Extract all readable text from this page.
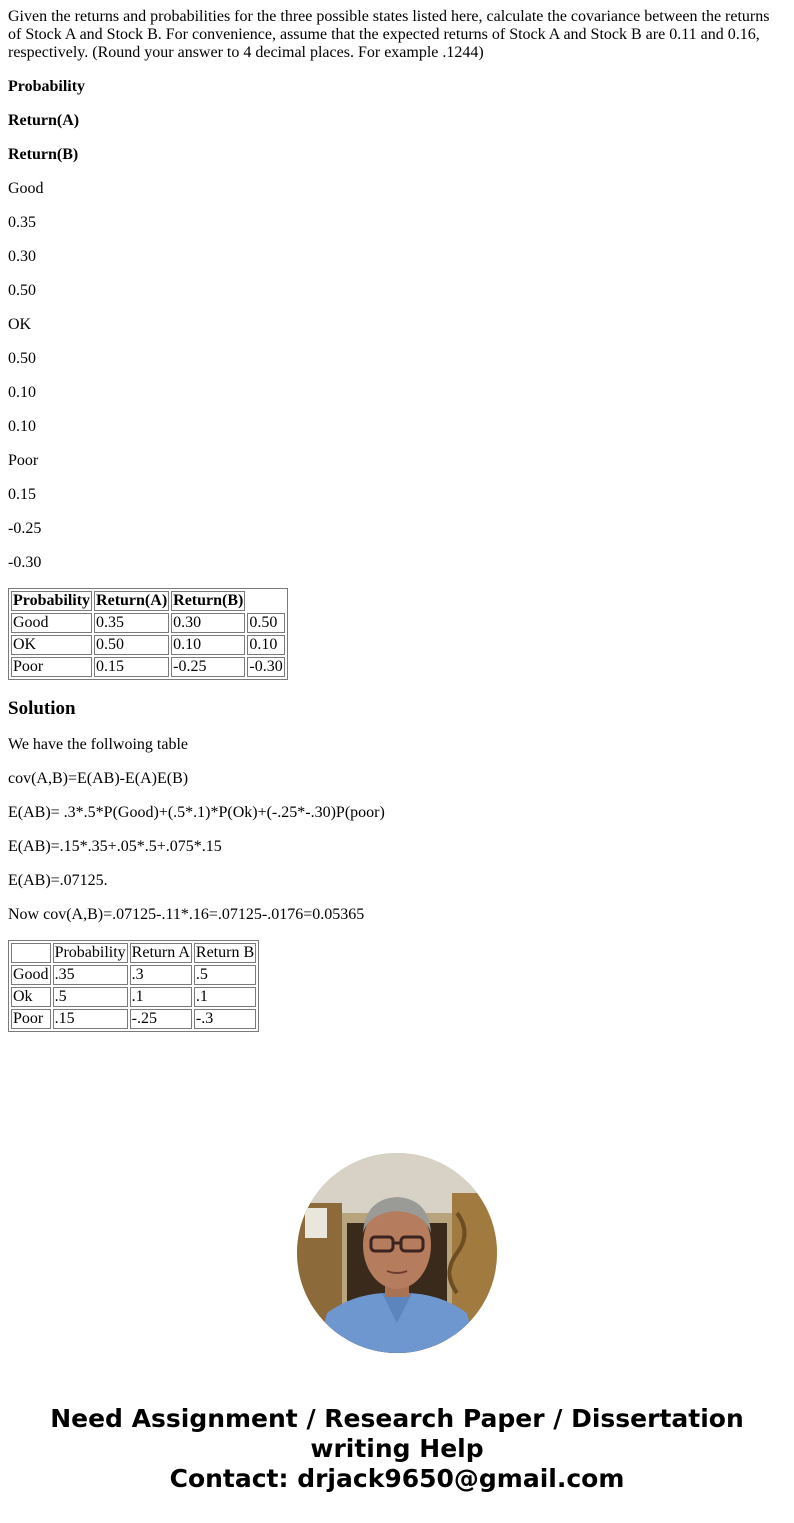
Given the returns and probabilities for the three possible states listed here, calculate the covariance between the returns of Stock A and Stock B. For convenience, assume that the expected returns of Stock A and Stock B are 0.11 and 0.16, respectively. (Round your answer to 4 decimal places. For example .1244)

Probability

Return(A)

Return(B)

Good

0.35

0.30

0.50

OK

0.50

0.10

0.10

Poor

0.15

-0.25

-0.30

Probability	Return(A)	Return(B)	
Good	0.35	0.30	0.50
OK	0.50	0.10	0.10
Poor	0.15	-0.25	-0.30
Solution

We have the follwoing table

cov(A,B)=E(AB)-E(A)E(B)

E(AB)= .3*.5*P(Good)+(.5*.1)*P(Ok)+(-.25*-.30)P(poor)

E(AB)=.15*.35+.05*.5+.075*.15

E(AB)=.07125.

Now cov(A,B)=.07125-.11*.16=.07125-.0176=0.05365

	Probability	Return A	Return B
Good	.35	.3	.5
Ok	.5	.1	.1
Poor	.15	-.25	-.3
Need Assignment / Research Paper / Dissertation
writing Help
Contact: drjack9650@gmail.com
